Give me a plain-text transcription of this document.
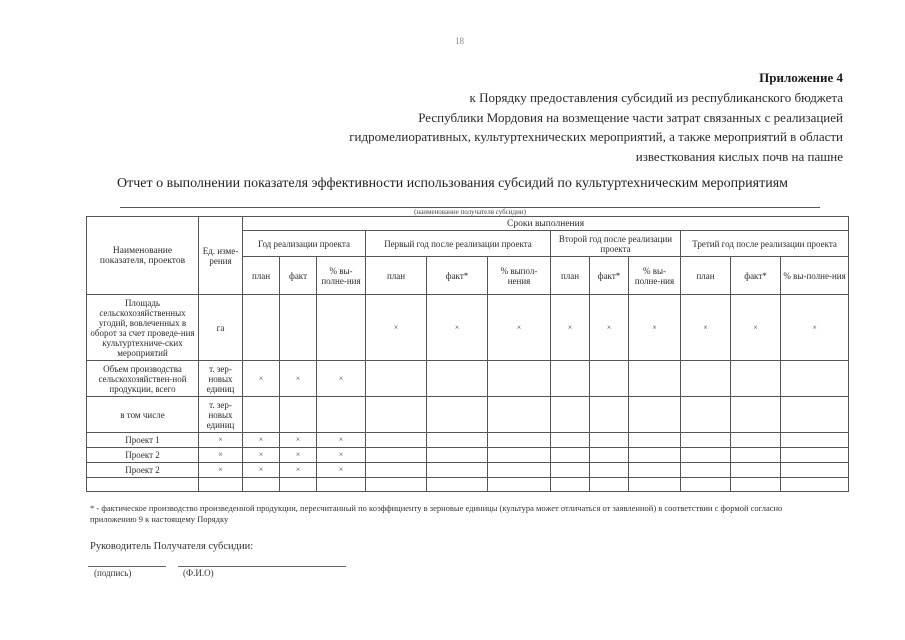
18
Приложение 4
к Порядку предоставления субсидий из республиканского бюджета
Республики Мордовия на возмещение части затрат связанных с реализацией
гидромелиоративных, культуртехнических мероприятий, а также мероприятий в области
известкования кислых почв на пашне
Отчет о выполнении показателя эффективности использования субсидий по культуртехническим мероприятиям
(наименование получателя субсидии)
Наименование показателя, проектов	Ед. изме-рения	Сроки выполнения											
		Год реализации проекта			Первый год после реализации проекта			Второй год после реализации проекта			Третий год после реализации проекта		
		план	факт	% вы-полне-ния	план	факт*	% выпол-нения	план	факт*	% вы-полне-ния	план	факт*	% вы-полне-ния
Площадь сельскохозяйственных угодий, вовлеченных в оборот за счет проведе-ния культуртехниче-ских мероприятий	га				×	×	×	×	×	×	×	×	×
Объем производства сельскохозяйствен-ной продукции, всего	т. зер-новых единиц	×	×	×									
в том числе	т. зер-новых единиц												
Проект 1	×	×	×	×									
Проект 2	×	×	×	×									
Проект 2	×	×	×	×									

* - фактическое производство произведенной продукции, пересчитанный по коэффициенту в зерновые единицы (культура может отличаться от заявленной) в соответствии с формой согласно приложению 9 к настоящему Порядку
Руководитель Получателя субсидии:
(подпись)	(Ф.И.О)
